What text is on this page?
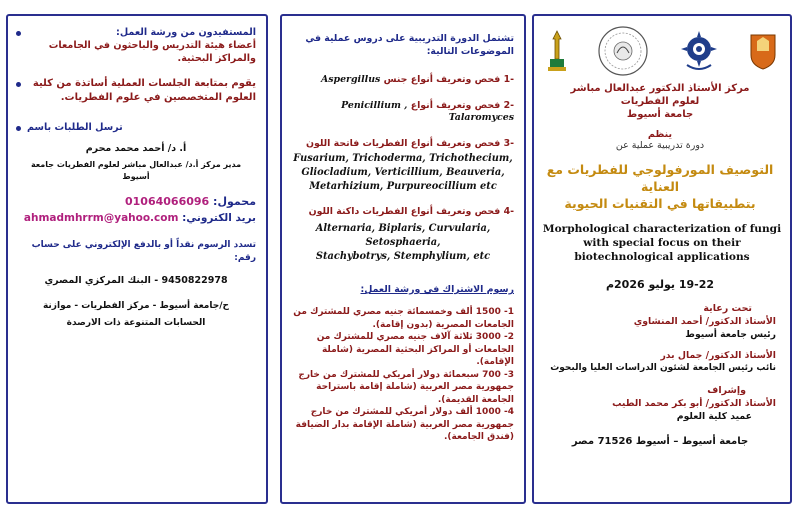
المستفيدون من ورشة العمل:
أعضاء هيئة التدريس والباحثون في الجامعات والمراكز البحثية.
يقوم بمتابعة الجلسات العملية أساتذة من كلية العلوم المتخصصين في علوم الفطريات.
ترسل الطلبات باسم
أ. د/ أحمد محمد محرم
مدير مركز أ.د/ عبدالعال مباشر لعلوم الفطريات جامعة أسيوط
محمول: 01064066096
بريد الكتروني: ahmadmhrrm@yahoo.com
تسدد الرسوم نقداً أو بالدفع الإلكتروني على حساب رقم:
9450822978 - البنك المركزي المصري
ح/جامعة أسيوط - مركز الفطريات - موازنة الحسابات المتنوعة ذات الارصدة
تشتمل الدورة التدريبية على دروس عملية في الموضوعات التالية:
-1 فحص وتعريف أنواع جنس Aspergillus
-2 فحص وتعريف أنواع Penicillium , Talaromyces
-3 فحص وتعريف أنواع الفطريات فاتحة اللون
Fusarium, Trichoderma, Trichothecium,
Gliocladium, Verticillium, Beauveria,
Metarhizium, Purpureocillium etc
-4 فحص وتعريف أنواع الفطريات داكنة اللون
Alternaria, Biplaris, Curvularia, Setosphaeria,
Stachybotrys, Stemphylium, etc
رسوم الاشتراك في ورشة العمل:
1- 1500 ألف وخمسمائة جنيه مصري للمشترك من الجامعات المصرية (بدون إقامة).
2- 3000 ثلاثة آلاف جنيه مصري للمشترك من الجامعات أو المراكز البحثية المصرية (شاملة الإقامة).
3- 700 سبعمائة دولار أمريكي للمشترك من خارج جمهورية مصر العربية (شاملة إقامة باستراحة الجامعة القديمة).
4- 1000 ألف دولار أمريكي للمشترك من خارج جمهورية مصر العربية (شاملة الإقامة بدار الضيافة (فندق الجامعة).
مركز الأستاذ الدكتور عبدالعال مباشر
لعلوم الفطريات
جامعة أسيوط
ينظم
دورة تدريبية عملية عن
التوصيف المورفولوجي للفطريات مع العناية
بتطبيقاتها في التقنيات الحيوية
Morphological characterization of fungi
with special focus on their
biotechnological applications
19-22 يوليو 2026م
تحت رعاية
الأستاذ الدكتور/ أحمد المنشاوي
رئيس جامعة أسيوط
الأستاذ الدكتور/ جمال بدر
نائب رئيس الجامعة لشئون الدراسات العليا والبحوث
وإشراف
الأستاذ الدكتور/ أبو بكر محمد الطيب
عميد كلية العلوم
جامعة أسيوط – أسيوط 71526 مصر
